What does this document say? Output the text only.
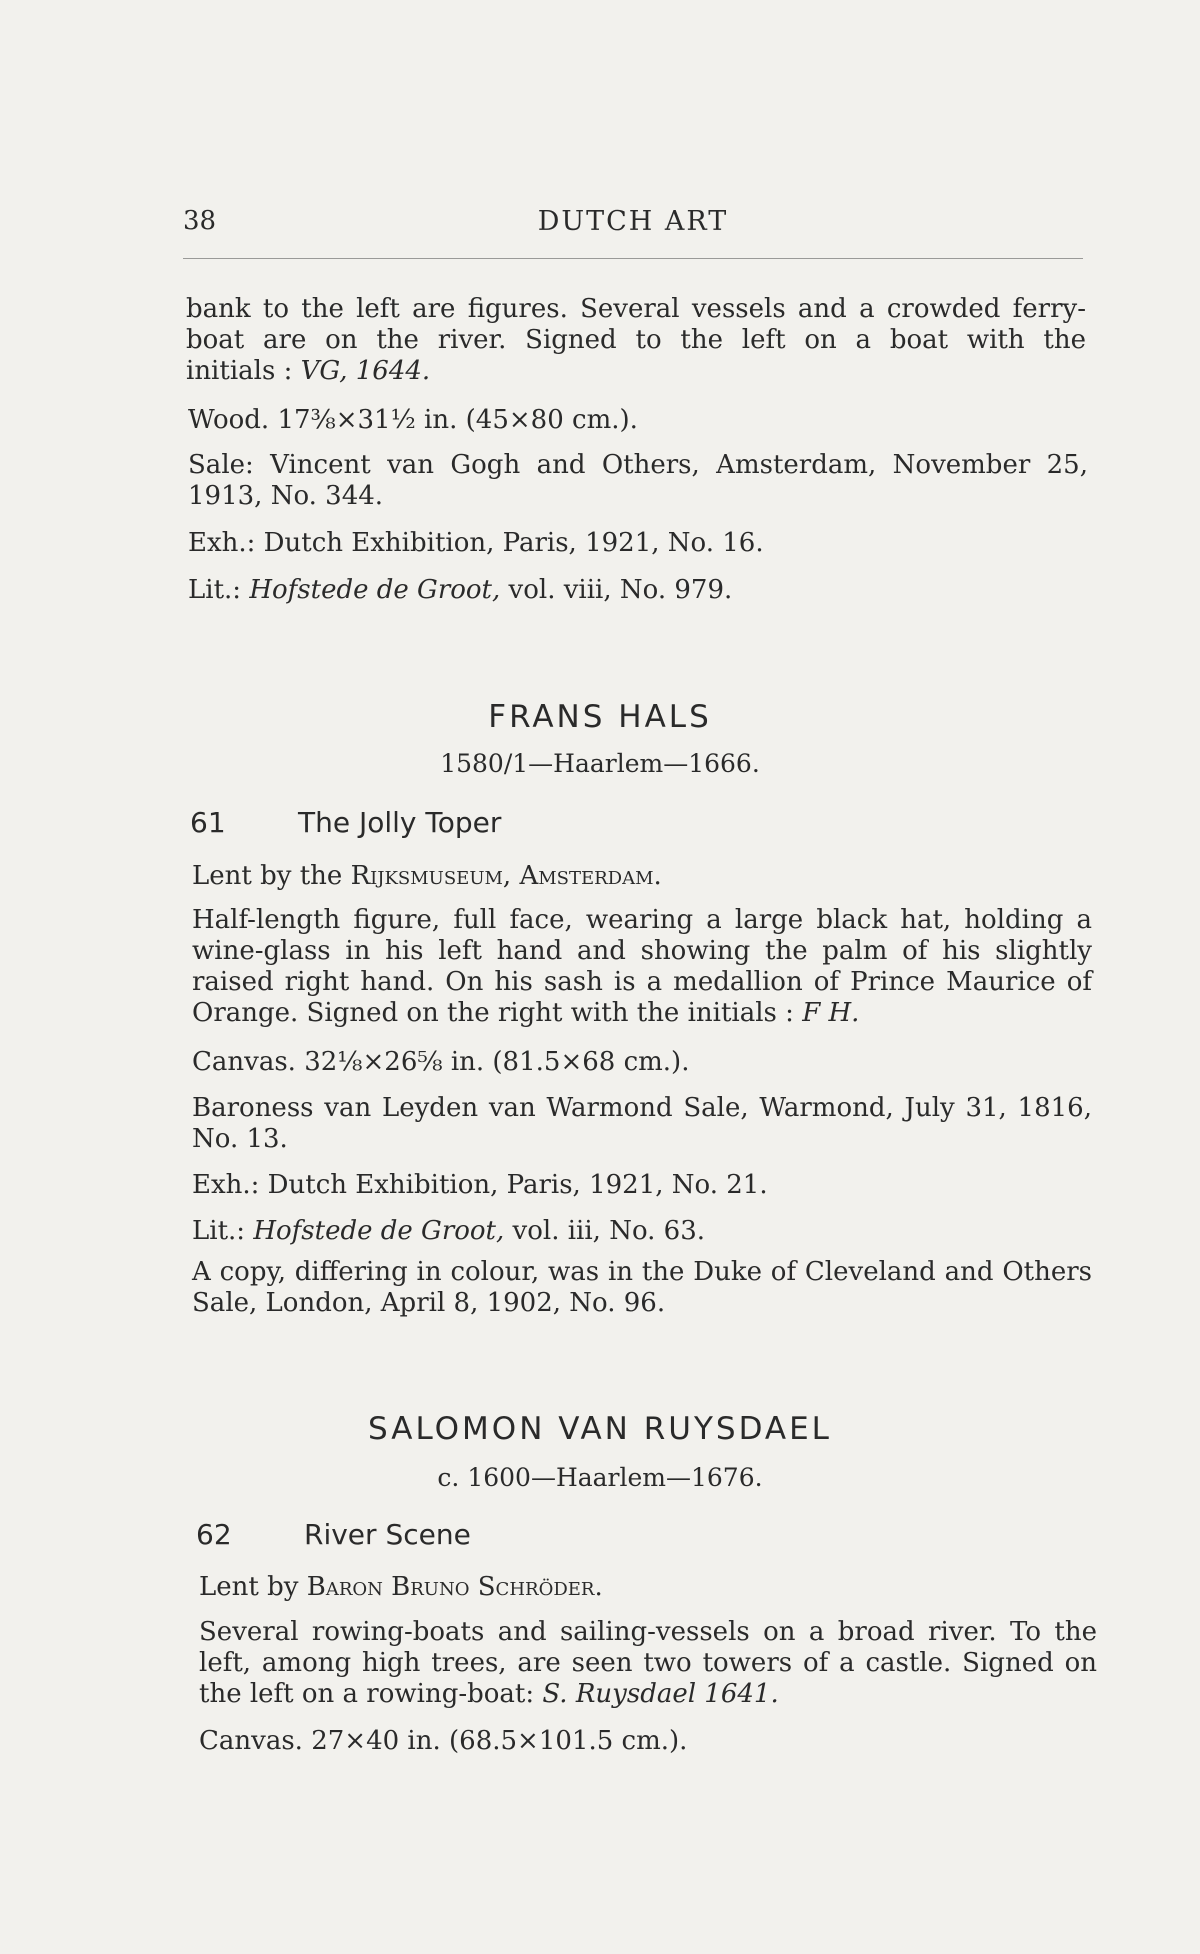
38	DUTCH ART
bank to the left are figures. Several vessels and a crowded ferry-
boat are on the river. Signed to the left on a boat with the
initials : VG, 1644.
Wood. 17⅜×31½ in. (45×80 cm.).
Sale: Vincent van Gogh and Others, Amsterdam, November 25,
1913, No. 344.
Exh.: Dutch Exhibition, Paris, 1921, No. 16.
Lit.: Hofstede de Groot, vol. viii, No. 979.
FRANS HALS
1580/1—Haarlem—1666.
61	The Jolly Toper
Lent by the Rijksmuseum, Amsterdam.
Half-length figure, full face, wearing a large black hat, holding a
wine-glass in his left hand and showing the palm of his slightly
raised right hand. On his sash is a medallion of Prince Maurice of
Orange. Signed on the right with the initials : F H.
Canvas. 32⅛×26⅝ in. (81.5×68 cm.).
Baroness van Leyden van Warmond Sale, Warmond, July 31, 1816,
No. 13.
Exh.: Dutch Exhibition, Paris, 1921, No. 21.
Lit.: Hofstede de Groot, vol. iii, No. 63.
A copy, differing in colour, was in the Duke of Cleveland and Others
Sale, London, April 8, 1902, No. 96.
SALOMON VAN RUYSDAEL
c. 1600—Haarlem—1676.
62	River Scene
Lent by Baron Bruno Schröder.
Several rowing-boats and sailing-vessels on a broad river. To the
left, among high trees, are seen two towers of a castle. Signed on
the left on a rowing-boat: S. Ruysdael 1641.
Canvas. 27×40 in. (68.5×101.5 cm.).
